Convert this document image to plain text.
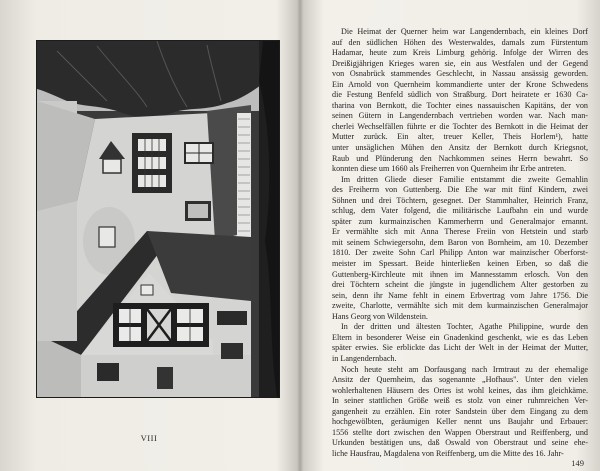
VIII
Die Heimat der Querner heim war Langendernbach, ein kleines Dorf
auf den südlichen Höhen des Westerwaldes, damals zum Fürstentum
Hadamar, heute zum Kreis Limburg gehörig. Infolge der Wirren des
Dreißigjährigen Krieges waren sie, ein aus Westfalen und der Gegend
von Osnabrück stammendes Geschlecht, in Nassau ansässig geworden.
Ein Arnold von Quernheim kommandierte unter der Krone Schwedens
die Festung Benfeld südlich von Straßburg. Dort heiratete er 1630 Ca-
tharina von Bernkott, die Tochter eines nassauischen Kapitäns, der von
seinen Gütern in Langendernbach vertrieben worden war. Nach man-
cherlei Wechselfällen führte er die Tochter des Bernkott in die Heimat der
Mutter zurück. Ein alter, treuer Keller, Theis Horlem¹), hatte
unter unsäglichen Mühen den Ansitz der Bernkott durch Kriegsnot,
Raub und Plünderung den Nachkommen seines Herrn bewahrt. So
konnten diese um 1660 als Freiherren von Quernheim ihr Erbe antreten.
Im dritten Gliede dieser Familie entstammt die zweite Gemahlin
des Freiherrn von Guttenberg. Die Ehe war mit fünf Kindern, zwei
Söhnen und drei Töchtern, gesegnet. Der Stammhalter, Heinrich Franz,
schlug, dem Vater folgend, die militärische Laufbahn ein und wurde
später zum kurmainzischen Kammerherrn und Generalmajor ernannt.
Er vermählte sich mit Anna Therese Freiin von Hetstein und starb
mit seinem Schwiegersohn, dem Baron von Bornheim, am 10. Dezember
1810. Der zweite Sohn Carl Philipp Anton war mainzischer Oberforst-
meister im Spessart. Beide hinterließen keinen Erben, so daß die
Guttenberg-Kirchleute mit ihnen im Mannesstamm erlosch. Von den
drei Töchtern scheint die jüngste in jugendlichem Alter gestorben zu
sein, denn ihr Name fehlt in einem Erbvertrag vom Jahre 1756. Die
zweite, Charlotte, vermählte sich mit dem kurmainzischen Generalmajor
Hans Georg von Wildenstein.
In der dritten und ältesten Tochter, Agathe Philippine, wurde den
Eltern in besonderer Weise ein Gnadenkind geschenkt, wie es das Leben
später erwies. Sie erblickte das Licht der Welt in der Heimat der Mutter,
in Langendernbach.
Noch heute steht am Dorfausgang nach Irmtraut zu der ehemalige
Ansitz der Quernheim, das sogenannte „Hofhaus". Unter den vielen
wohlerhaltenen Häusern des Ortes ist wohl keines, das ihm gleichkäme.
In seiner stattlichen Größe weiß es stolz von einer ruhmreichen Ver-
gangenheit zu erzählen. Ein roter Sandstein über dem Eingang zu dem
hochgewölbten, geräumigen Keller nennt uns Baujahr und Erbauer:
1556 stellte dort zwischen den Wappen Oberstraut und Reiffenberg, und
Urkunden bestätigen uns, daß Oswald von Oberstraut und seine ehe-
liche Hausfrau, Magdalena von Reiffenberg, um die Mitte des 16. Jahr-
149
